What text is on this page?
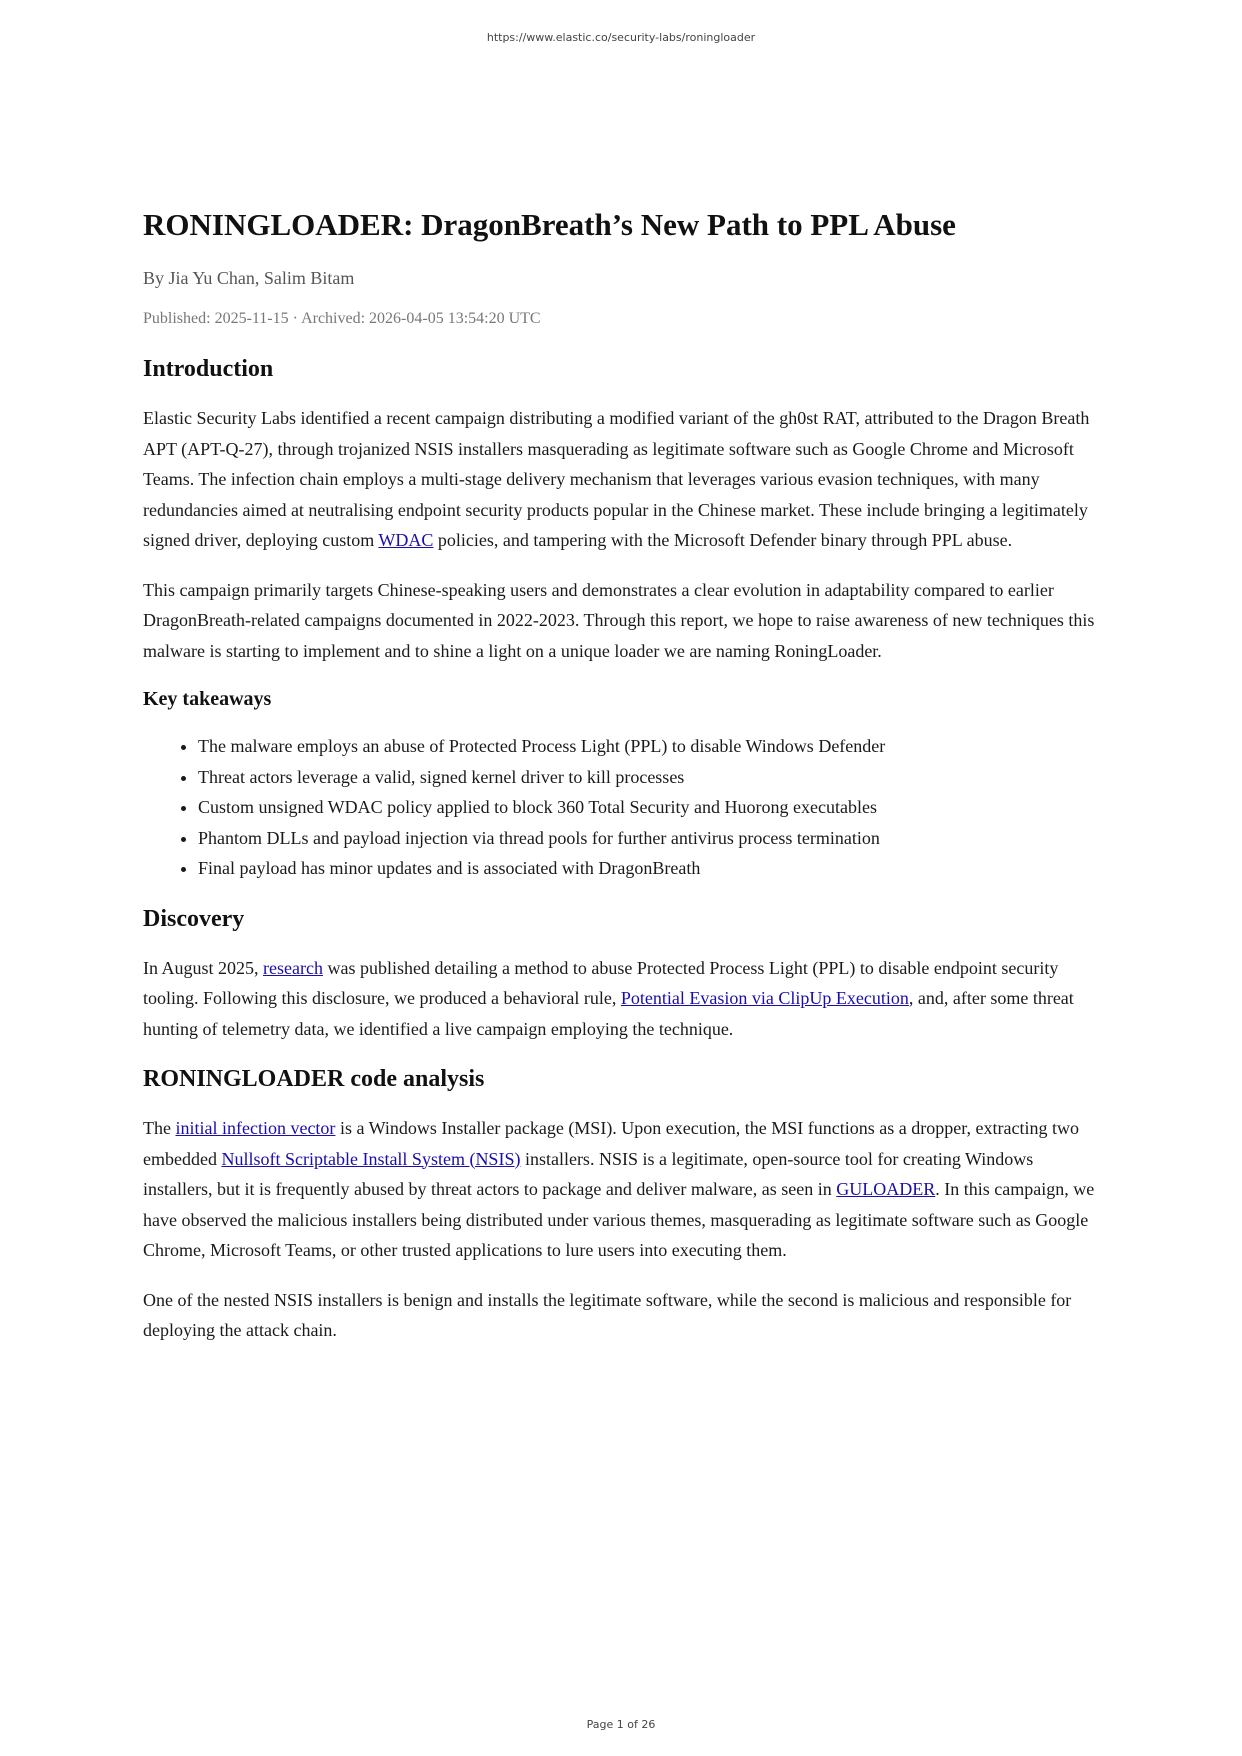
https://www.elastic.co/security-labs/roningloader
RONINGLOADER: DragonBreath’s New Path to PPL Abuse
By Jia Yu Chan, Salim Bitam
Published: 2025-11-15 · Archived: 2026-04-05 13:54:20 UTC
Introduction

Elastic Security Labs identified a recent campaign distributing a modified variant of the gh0st RAT, attributed to the Dragon Breath APT (APT-Q-27), through trojanized NSIS installers masquerading as legitimate software such as Google Chrome and Microsoft Teams. The infection chain employs a multi-stage delivery mechanism that leverages various evasion techniques, with many redundancies aimed at neutralising endpoint security products popular in the Chinese market. These include bringing a legitimately signed driver, deploying custom WDAC policies, and tampering with the Microsoft Defender binary through PPL abuse.

This campaign primarily targets Chinese-speaking users and demonstrates a clear evolution in adaptability compared to earlier DragonBreath-related campaigns documented in 2022-2023. Through this report, we hope to raise awareness of new techniques this malware is starting to implement and to shine a light on a unique loader we are naming RoningLoader.

Key takeaways
• The malware employs an abuse of Protected Process Light (PPL) to disable Windows Defender
• Threat actors leverage a valid, signed kernel driver to kill processes
• Custom unsigned WDAC policy applied to block 360 Total Security and Huorong executables
• Phantom DLLs and payload injection via thread pools for further antivirus process termination
• Final payload has minor updates and is associated with DragonBreath
Discovery

In August 2025, research was published detailing a method to abuse Protected Process Light (PPL) to disable endpoint security tooling. Following this disclosure, we produced a behavioral rule, Potential Evasion via ClipUp Execution, and, after some threat hunting of telemetry data, we identified a live campaign employing the technique.

RONINGLOADER code analysis

The initial infection vector is a Windows Installer package (MSI). Upon execution, the MSI functions as a dropper, extracting two embedded Nullsoft Scriptable Install System (NSIS) installers. NSIS is a legitimate, open-source tool for creating Windows installers, but it is frequently abused by threat actors to package and deliver malware, as seen in GULOADER. In this campaign, we have observed the malicious installers being distributed under various themes, masquerading as legitimate software such as Google Chrome, Microsoft Teams, or other trusted applications to lure users into executing them.

One of the nested NSIS installers is benign and installs the legitimate software, while the second is malicious and responsible for deploying the attack chain.

Page 1 of 26
